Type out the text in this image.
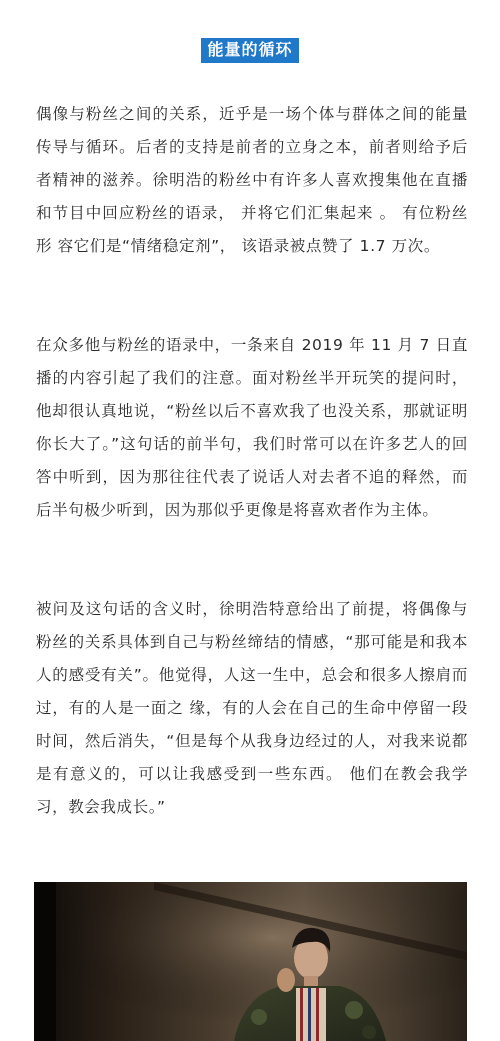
能量的循环

偶像与粉丝之间的关系，近乎是一场个体与群体之间的能量传导与循环。后者的支持是前者的立身之本，前者则给予后者精神的滋养。徐明浩的粉丝中有许多人喜欢搜集他在直播和节目中回应粉丝的语录， 并将它们汇集起来 。 有位粉丝形 容它们是“情绪稳定剂”， 该语录被点赞了 1.7 万次。

在众多他与粉丝的语录中，一条来自 2019 年 11 月 7 日直播的内容引起了我们的注意。面对粉丝半开玩笑的提问时，他却很认真地说，“粉丝以后不喜欢我了也没关系，那就证明你长大了。”这句话的前半句，我们时常可以在许多艺人的回答中听到，因为那往往代表了说话人对去者不追的释然，而后半句极少听到，因为那似乎更像是将喜欢者作为主体。

被问及这句话的含义时，徐明浩特意给出了前提，将偶像与粉丝的关系具体到自己与粉丝缔结的情感，“那可能是和我本人的感受有关”。他觉得，人这一生中，总会和很多人擦肩而过，有的人是一面之 缘，有的人会在自己的生命中停留一段时间，然后消失，“但是每个从我身边经过的人，对我来说都是有意义的，可以让我感受到一些东西。 他们在教会我学习，教会我成长。”
